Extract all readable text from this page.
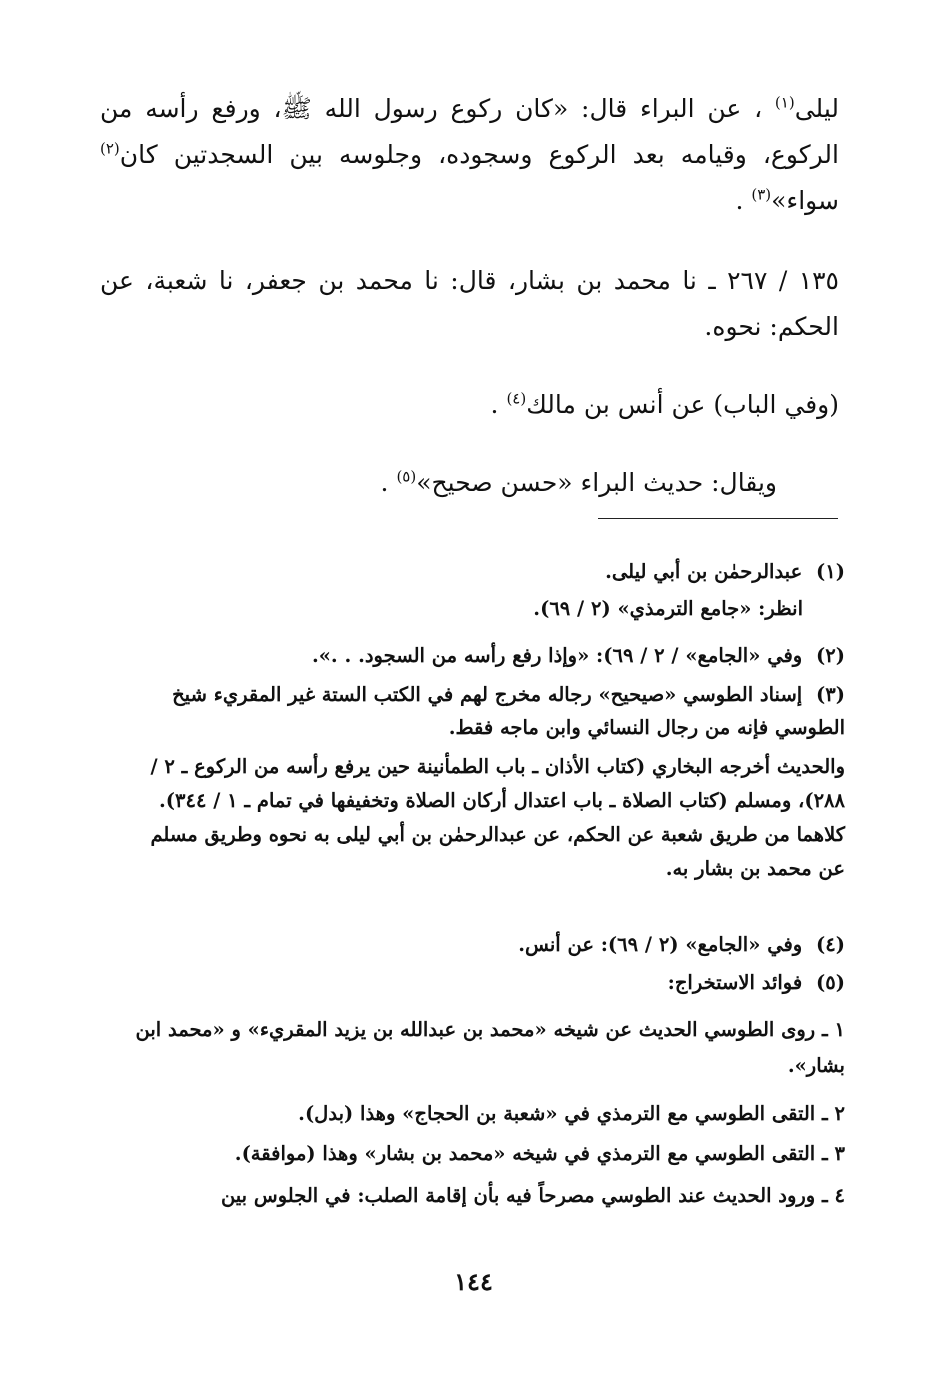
ليلى$^{(١)}$ ، عن البراء قال: «كان ركوع رسول الله ﷺ، ورفع رأسه من الركوع، وقيامه بعد الركوع وسجوده، وجلوسه بين السجدتين كان$^{(٢)}$ سواء»$^{(٣)}$ .
١٣٥ / ٢٦٧ ـ نا محمد بن بشار، قال: نا محمد بن جعفر، نا شعبة، عن الحكم: نحوه.
(وفي الباب) عن أنس بن مالك$^{(٤)}$ .
ويقال: حديث البراء «حسن صحيح»$^{(٥)}$ .
(١) عبدالرحمٰن بن أبي ليلى.
انظر: «جامع الترمذي» (٢ / ٦٩).
(٢) وفي «الجامع» / ٢ / ٦٩): «وإذا رفع رأسه من السجود. . .».
(٣) إسناد الطوسي «صيحيح» رجاله مخرج لهم في الكتب الستة غير المقريء شيخ الطوسي فإنه من رجال النسائي وابن ماجه فقط.
والحديث أخرجه البخاري (كتاب الأذان ـ باب الطمأنينة حين يرفع رأسه من الركوع ـ ٢ / ٢٨٨)، ومسلم (كتاب الصلاة ـ باب اعتدال أركان الصلاة وتخفيفها في تمام ـ ١ / ٣٤٤). كلاهما من طريق شعبة عن الحكم، عن عبدالرحمٰن بن أبي ليلى به نحوه وطريق مسلم عن محمد بن بشار به.
(٤) وفي «الجامع» (٢ / ٦٩): عن أنس.
(٥) فوائد الاستخراج:
١ ـ روى الطوسي الحديث عن شيخه «محمد بن عبدالله بن يزيد المقريء» و «محمد ابن بشار».
٢ ـ التقى الطوسي مع الترمذي في «شعبة بن الحجاج» وهذا (بدل).
٣ ـ التقى الطوسي مع الترمذي في شيخه «محمد بن بشار» وهذا (موافقة).
٤ ـ ورود الحديث عند الطوسي مصرحاً فيه بأن إقامة الصلب: في الجلوس بين
١٤٤
